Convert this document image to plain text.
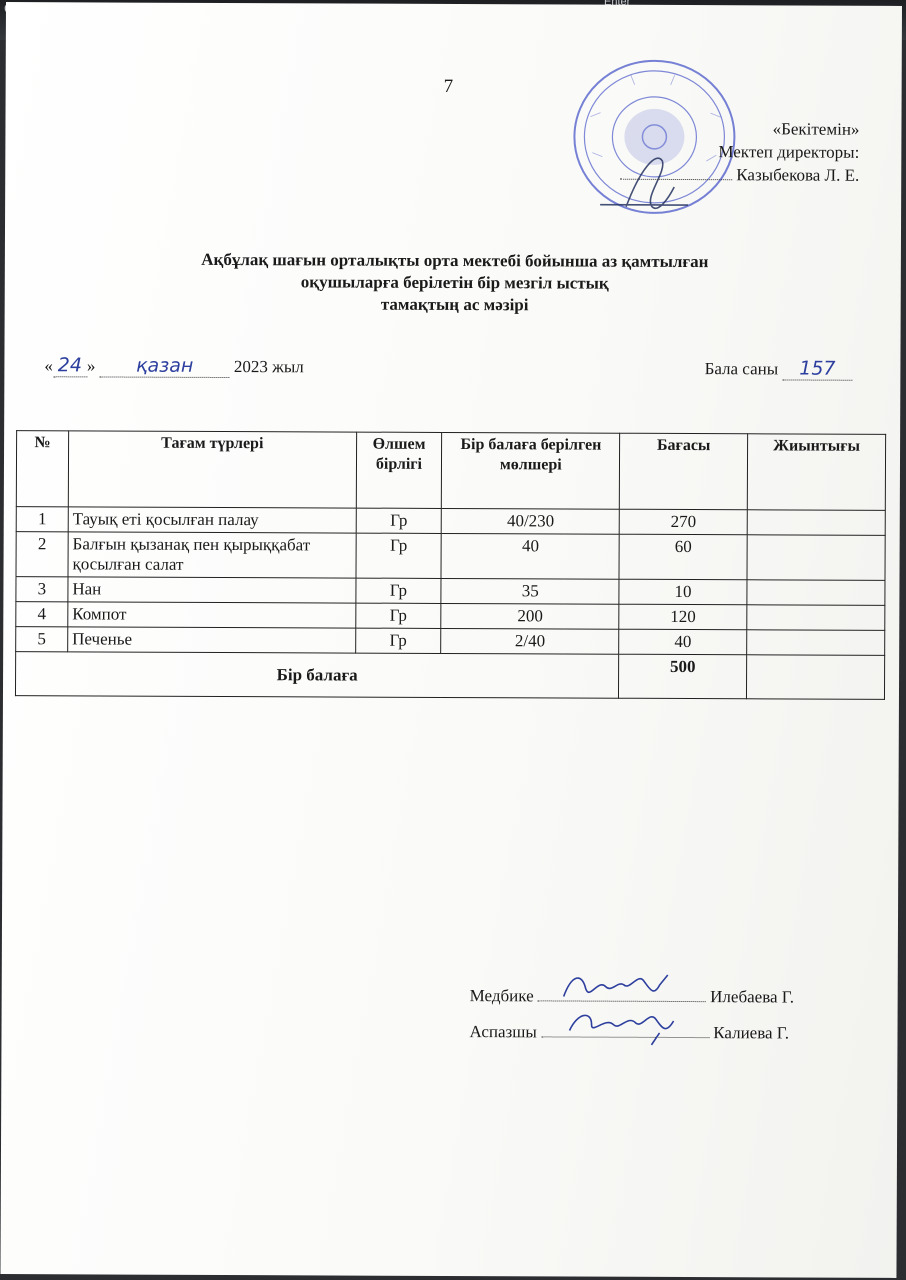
7
«Бекітемін»
Мектеп директоры:
Казыбекова Л. Е.
Ақбұлақ шағын орталықты орта мектебі бойынша аз қамтылған
оқушыларға берілетін бір мезгіл ыстық
тамақтың ас мәзірі
« 24 » қазан 2023 жыл	Бала саны 157
№	Тағам түрлері	Өлшем бірлігі	Бір балаға берілген мөлшері	Бағасы	Жиынтығы
1	Тауық еті қосылған палау	Гр	40/230	270	
2	Балғын қызанақ пен қырыққабат қосылған салат	Гр	40	60	
3	Нан	Гр	35	10	
4	Компот	Гр	200	120	
5	Печенье	Гр	2/40	40	
Бір балаға				500	
Медбике	Илебаева Г.
Аспазшы	Калиева Г.
